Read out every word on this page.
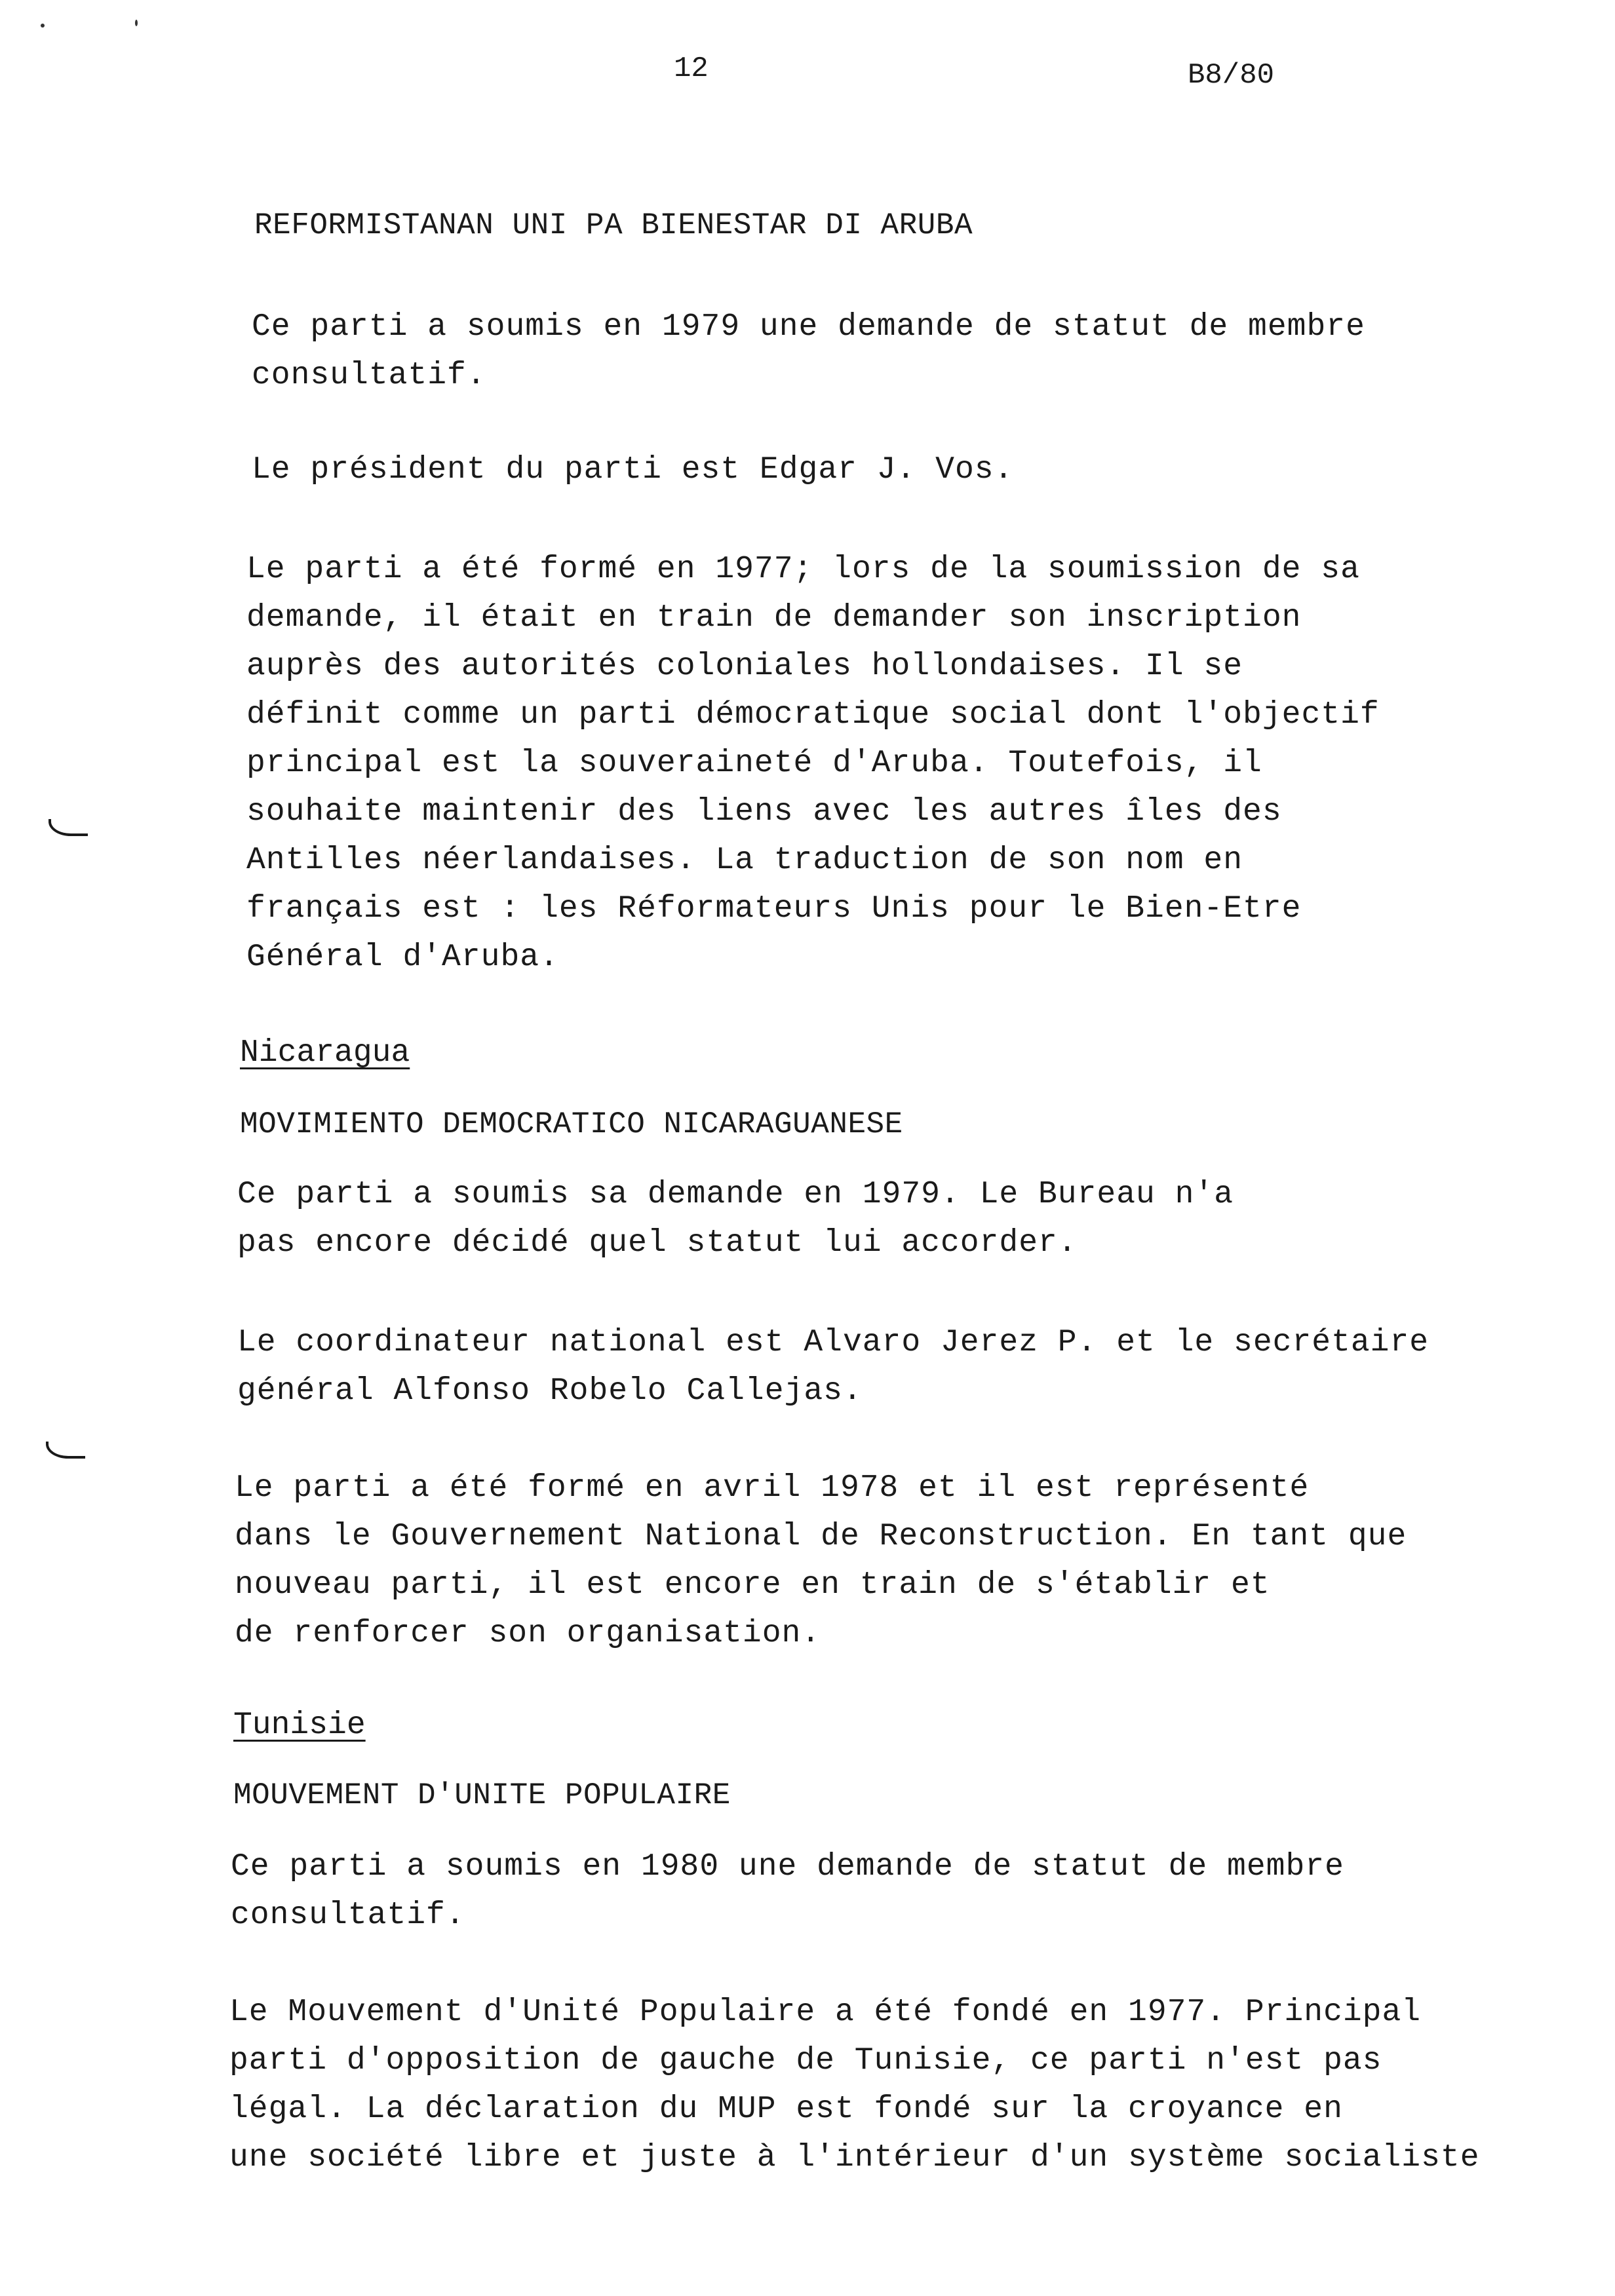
12	B8/80
REFORMISTANAN UNI PA BIENESTAR DI ARUBA
Ce parti a soumis en 1979 une demande de statut de membre
consultatif.
Le président du parti est Edgar J. Vos.
Le parti a été formé en 1977; lors de la soumission de sa
demande, il était en train de demander son inscription
auprès des autorités coloniales hollondaises. Il se
définit comme un parti démocratique social dont l'objectif
principal est la souveraineté d'Aruba. Toutefois, il
souhaite maintenir des liens avec les autres îles des
Antilles néerlandaises. La traduction de son nom en
français est : les Réformateurs Unis pour le Bien-Etre
Général d'Aruba.
Nicaragua
MOVIMIENTO DEMOCRATICO NICARAGUANESE
Ce parti a soumis sa demande en 1979. Le Bureau n'a
pas encore décidé quel statut lui accorder.
Le coordinateur national est Alvaro Jerez P. et le secrétaire
général Alfonso Robelo Callejas.
Le parti a été formé en avril 1978 et il est représenté
dans le Gouvernement National de Reconstruction. En tant que
nouveau parti, il est encore en train de s'établir et
de renforcer son organisation.
Tunisie
MOUVEMENT D'UNITE POPULAIRE
Ce parti a soumis en 1980 une demande de statut de membre
consultatif.
Le Mouvement d'Unité Populaire a été fondé en 1977. Principal
parti d'opposition de gauche de Tunisie, ce parti n'est pas
légal. La déclaration du MUP est fondé sur la croyance en
une société libre et juste à l'intérieur d'un système socialiste
